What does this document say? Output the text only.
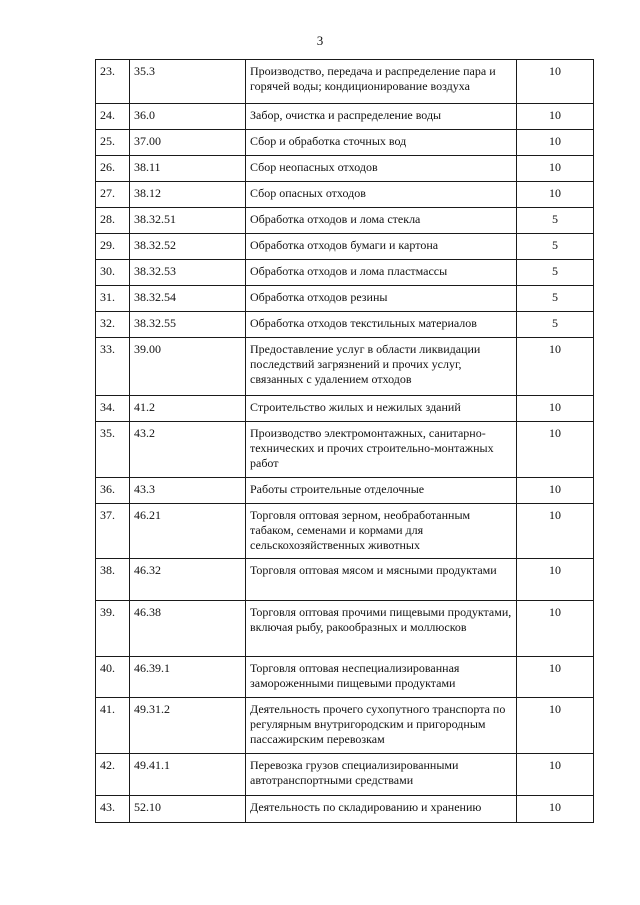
3
23.	35.3	Производство, передача и распределение пара и горячей воды; кондиционирование воздуха	10
24.	36.0	Забор, очистка и распределение воды	10
25.	37.00	Сбор и обработка сточных вод	10
26.	38.11	Сбор неопасных отходов	10
27.	38.12	Сбор опасных отходов	10
28.	38.32.51	Обработка отходов и лома стекла	5
29.	38.32.52	Обработка отходов бумаги и картона	5
30.	38.32.53	Обработка отходов и лома пластмассы	5
31.	38.32.54	Обработка отходов резины	5
32.	38.32.55	Обработка отходов текстильных материалов	5
33.	39.00	Предоставление услуг в области ликвидации последствий загрязнений и прочих услуг, связанных с удалением отходов	10
34.	41.2	Строительство жилых и нежилых зданий	10
35.	43.2	Производство электромонтажных, санитарно-технических и прочих строительно-монтажных работ	10
36.	43.3	Работы строительные отделочные	10
37.	46.21	Торговля оптовая зерном, необработанным табаком, семенами и кормами для сельскохозяйственных животных	10
38.	46.32	Торговля оптовая мясом и мясными продуктами	10
39.	46.38	Торговля оптовая прочими пищевыми продуктами, включая рыбу, ракообразных и моллюсков	10
40.	46.39.1	Торговля оптовая неспециализированная замороженными пищевыми продуктами	10
41.	49.31.2	Деятельность прочего сухопутного транспорта по регулярным внутригородским и пригородным пассажирским перевозкам	10
42.	49.41.1	Перевозка грузов специализированными автотранспортными средствами	10
43.	52.10	Деятельность по складированию и хранению	10
